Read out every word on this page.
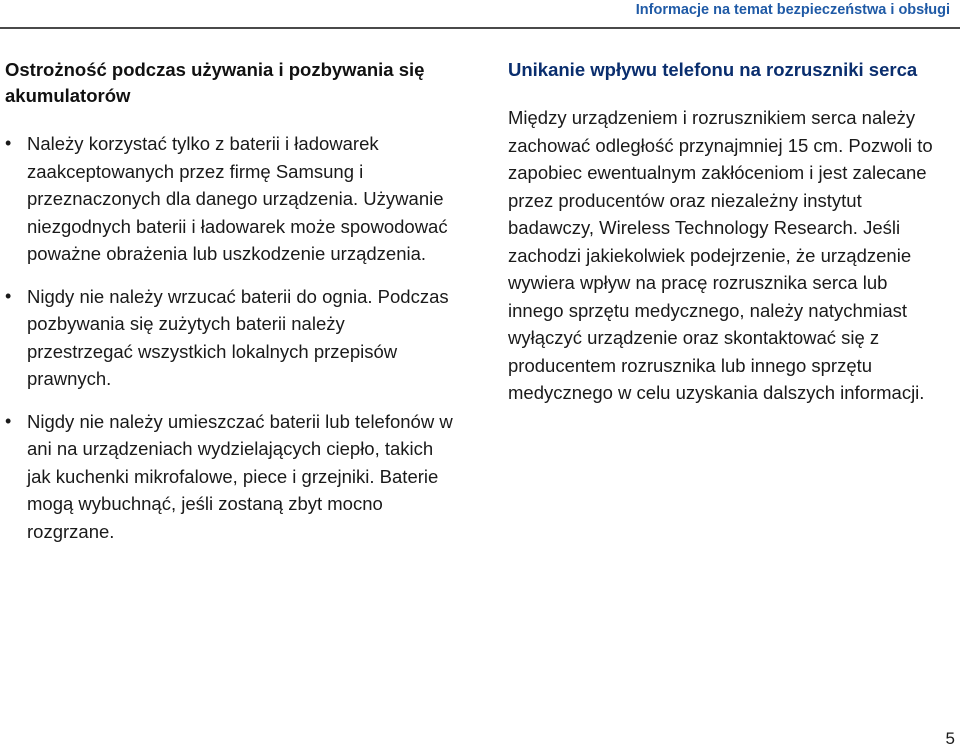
Informacje na temat bezpieczeństwa i obsługi
Ostrożność podczas używania i pozbywania się akumulatorów
• Należy korzystać tylko z baterii i ładowarek zaakceptowanych przez firmę Samsung i przeznaczonych dla danego urządzenia. Używanie niezgodnych baterii i ładowarek może spowodować poważne obrażenia lub uszkodzenie urządzenia.
• Nigdy nie należy wrzucać baterii do ognia. Podczas pozbywania się zużytych baterii należy przestrzegać wszystkich lokalnych przepisów prawnych.
• Nigdy nie należy umieszczać baterii lub telefonów w ani na urządzeniach wydzielających ciepło, takich jak kuchenki mikrofalowe, piece i grzejniki. Baterie mogą wybuchnąć, jeśli zostaną zbyt mocno rozgrzane.
Unikanie wpływu telefonu na rozruszniki serca

Między urządzeniem i rozrusznikiem serca należy zachować odległość przynajmniej 15 cm. Pozwoli to zapobiec ewentualnym zakłóceniom i jest zalecane przez producentów oraz niezależny instytut badawczy, Wireless Technology Research. Jeśli zachodzi jakiekolwiek podejrzenie, że urządzenie wywiera wpływ na pracę rozrusznika serca lub innego sprzętu medycznego, należy natychmiast wyłączyć urządzenie oraz skontaktować się z producentem rozrusznika lub innego sprzętu medycznego w celu uzyskania dalszych informacji.

5
